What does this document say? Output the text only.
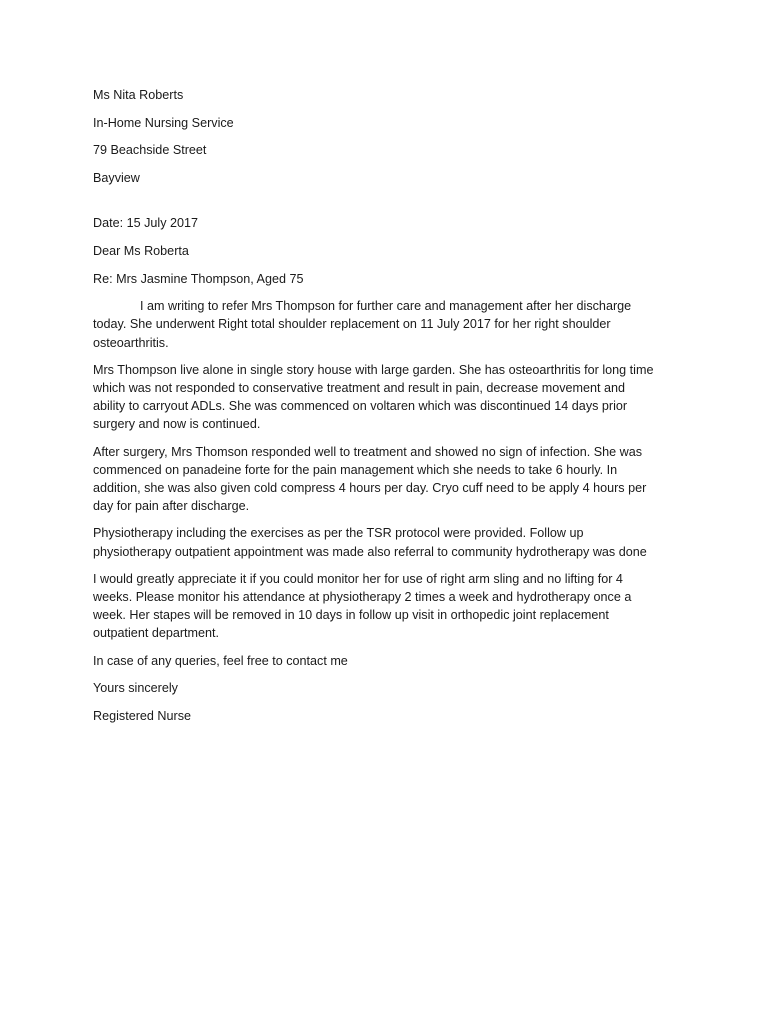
Ms Nita Roberts
In-Home Nursing Service
79 Beachside Street
Bayview
Date: 15 July 2017
Dear Ms Roberta
Re: Mrs Jasmine Thompson, Aged 75
I am writing to refer Mrs Thompson for further care and management after her discharge
today. She underwent Right total shoulder replacement on 11 July 2017 for her right shoulder
osteoarthritis.
Mrs Thompson live alone in single story house with large garden. She has osteoarthritis for long time
which was not responded to conservative treatment and result in pain, decrease movement and
ability to carryout ADLs. She was commenced on voltaren which was discontinued 14 days prior
surgery and now is continued.
After surgery, Mrs Thomson responded well to treatment and showed no sign of infection. She was
commenced on panadeine forte for the pain management which she needs to take 6 hourly. In
addition, she was also given cold compress 4 hours per day. Cryo cuff need to be apply 4 hours per
day for pain after discharge.
Physiotherapy including the exercises as per the TSR protocol were provided. Follow up
physiotherapy outpatient appointment was made also referral to community hydrotherapy was done
I would greatly appreciate it if you could monitor her for use of right arm sling and no lifting for 4
weeks. Please monitor his attendance at physiotherapy 2 times a week and hydrotherapy once a
week. Her stapes will be removed in 10 days in follow up visit in orthopedic joint replacement
outpatient department.
In case of any queries, feel free to contact me
Yours sincerely
Registered Nurse
